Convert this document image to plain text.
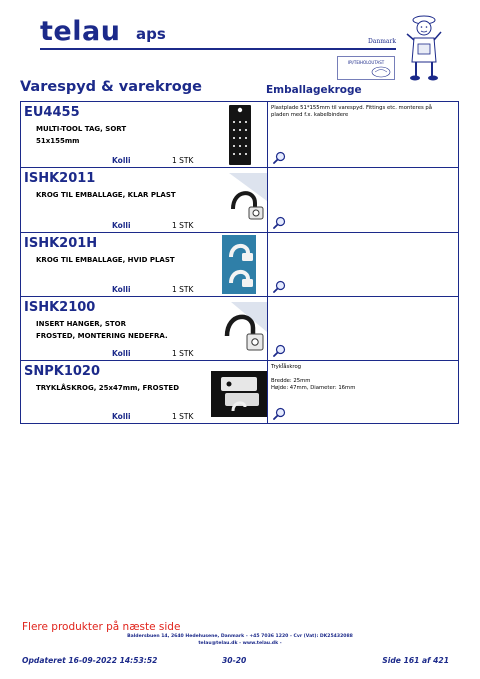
telau aps	Danmark
IPI/TEIHOLOUTAST
Varespyd & varekroge	Emballagekroge
EU4455
MULTI-TOOL TAG, SORT
51x155mm
Kolli	1 STK
Plastplade 51*155mm til varespyd. Fittings etc. monteres på
pladen med f.x. kabelbindere
ISHK2011
KROG TIL EMBALLAGE, KLAR PLAST
Kolli	1 STK
ISHK201H
KROG TIL EMBALLAGE, HVID PLAST
Kolli	1 STK
ISHK2100
INSERT HANGER, STOR
FROSTED, MONTERING NEDEFRA.
Kolli	1 STK
SNPK1020
TRYKLÅSKROG, 25x47mm, FROSTED
Kolli	1 STK
Trykl̊åskrog

Bredde: 25mm
Højde: 47mm, Diameter: 16mm
Flere produkter på næste side
Baldersbuen 14, 2640 Hedehusene, Danmark - +45 7036 1220 - Cvr (Vat): DK25432088
telau@telau.dk - www.telau.dk -
Opdateret 16-09-2022 14:53:52	30-20	Side 161 af 421
